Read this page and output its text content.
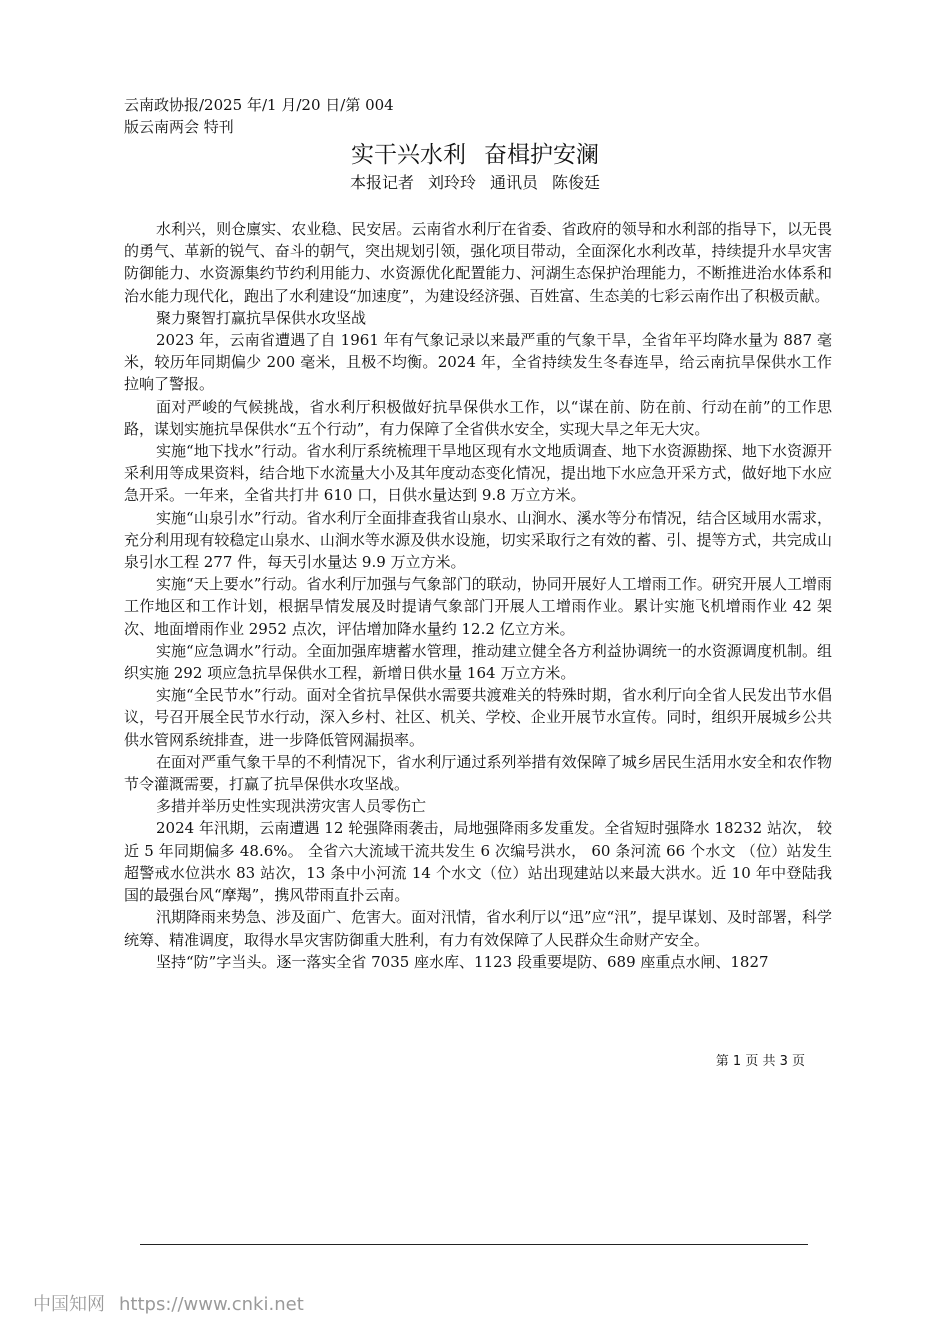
云南政协报/2025 年/1 月/20 日/第 004
版云南两会 特刊
实干兴水利 奋楫护安澜
本报记者 刘玲玲 通讯员 陈俊廷

水利兴，则仓廪实、农业稳、民安居。云南省水利厅在省委、省政府的领导和水利部的指导下，以无畏的勇气、革新的锐气、奋斗的朝气，突出规划引领，强化项目带动，全面深化水利改革，持续提升水旱灾害防御能力、水资源集约节约利用能力、水资源优化配置能力、河湖生态保护治理能力，不断推进治水体系和治水能力现代化，跑出了水利建设“加速度”，为建设经济强、百姓富、生态美的七彩云南作出了积极贡献。

聚力聚智打赢抗旱保供水攻坚战

2023 年，云南省遭遇了自 1961 年有气象记录以来最严重的气象干旱，全省年平均降水量为 887 毫米，较历年同期偏少 200 毫米，且极不均衡。2024 年，全省持续发生冬春连旱，给云南抗旱保供水工作拉响了警报。

面对严峻的气候挑战，省水利厅积极做好抗旱保供水工作，以“谋在前、防在前、行动在前”的工作思路，谋划实施抗旱保供水“五个行动”，有力保障了全省供水安全，实现大旱之年无大灾。

实施“地下找水”行动。省水利厅系统梳理干旱地区现有水文地质调查、地下水资源勘探、地下水资源开采利用等成果资料，结合地下水流量大小及其年度动态变化情况，提出地下水应急开采方式，做好地下水应急开采。一年来，全省共打井 610 口，日供水量达到 9.8 万立方米。

实施“山泉引水”行动。省水利厅全面排查我省山泉水、山涧水、溪水等分布情况，结合区域用水需求，充分利用现有较稳定山泉水、山涧水等水源及供水设施，切实采取行之有效的蓄、引、提等方式，共完成山泉引水工程 277 件，每天引水量达 9.9 万立方米。

实施“天上要水”行动。省水利厅加强与气象部门的联动，协同开展好人工增雨工作。研究开展人工增雨工作地区和工作计划，根据旱情发展及时提请气象部门开展人工增雨作业。累计实施飞机增雨作业 42 架次、地面增雨作业 2952 点次，评估增加降水量约 12.2 亿立方米。

实施“应急调水”行动。全面加强库塘蓄水管理，推动建立健全各方利益协调统一的水资源调度机制。组织实施 292 项应急抗旱保供水工程，新增日供水量 164 万立方米。

实施“全民节水”行动。面对全省抗旱保供水需要共渡难关的特殊时期，省水利厅向全省人民发出节水倡议，号召开展全民节水行动，深入乡村、社区、机关、学校、企业开展节水宣传。同时，组织开展城乡公共供水管网系统排查，进一步降低管网漏损率。

在面对严重气象干旱的不利情况下，省水利厅通过系列举措有效保障了城乡居民生活用水安全和农作物节令灌溉需要，打赢了抗旱保供水攻坚战。

多措并举历史性实现洪涝灾害人员零伤亡

2024 年汛期，云南遭遇 12 轮强降雨袭击，局地强降雨多发重发。全省短时强降水 18232 站次， 较近 5 年同期偏多 48.6%。 全省六大流域干流共发生 6 次编号洪水， 60 条河流 66 个水文 （位）站发生超警戒水位洪水 83 站次，13 条中小河流 14 个水文（位）站出现建站以来最大洪水。近 10 年中登陆我国的最强台风“摩羯”，携风带雨直扑云南。

汛期降雨来势急、涉及面广、危害大。面对汛情，省水利厅以“迅”应“汛”，提早谋划、及时部署，科学统筹、精准调度，取得水旱灾害防御重大胜利，有力有效保障了人民群众生命财产安全。

坚持“防”字当头。逐一落实全省 7035 座水库、1123 段重要堤防、689 座重点水闸、1827

第 1 页 共 3 页
中国知网 https://www.cnki.net
